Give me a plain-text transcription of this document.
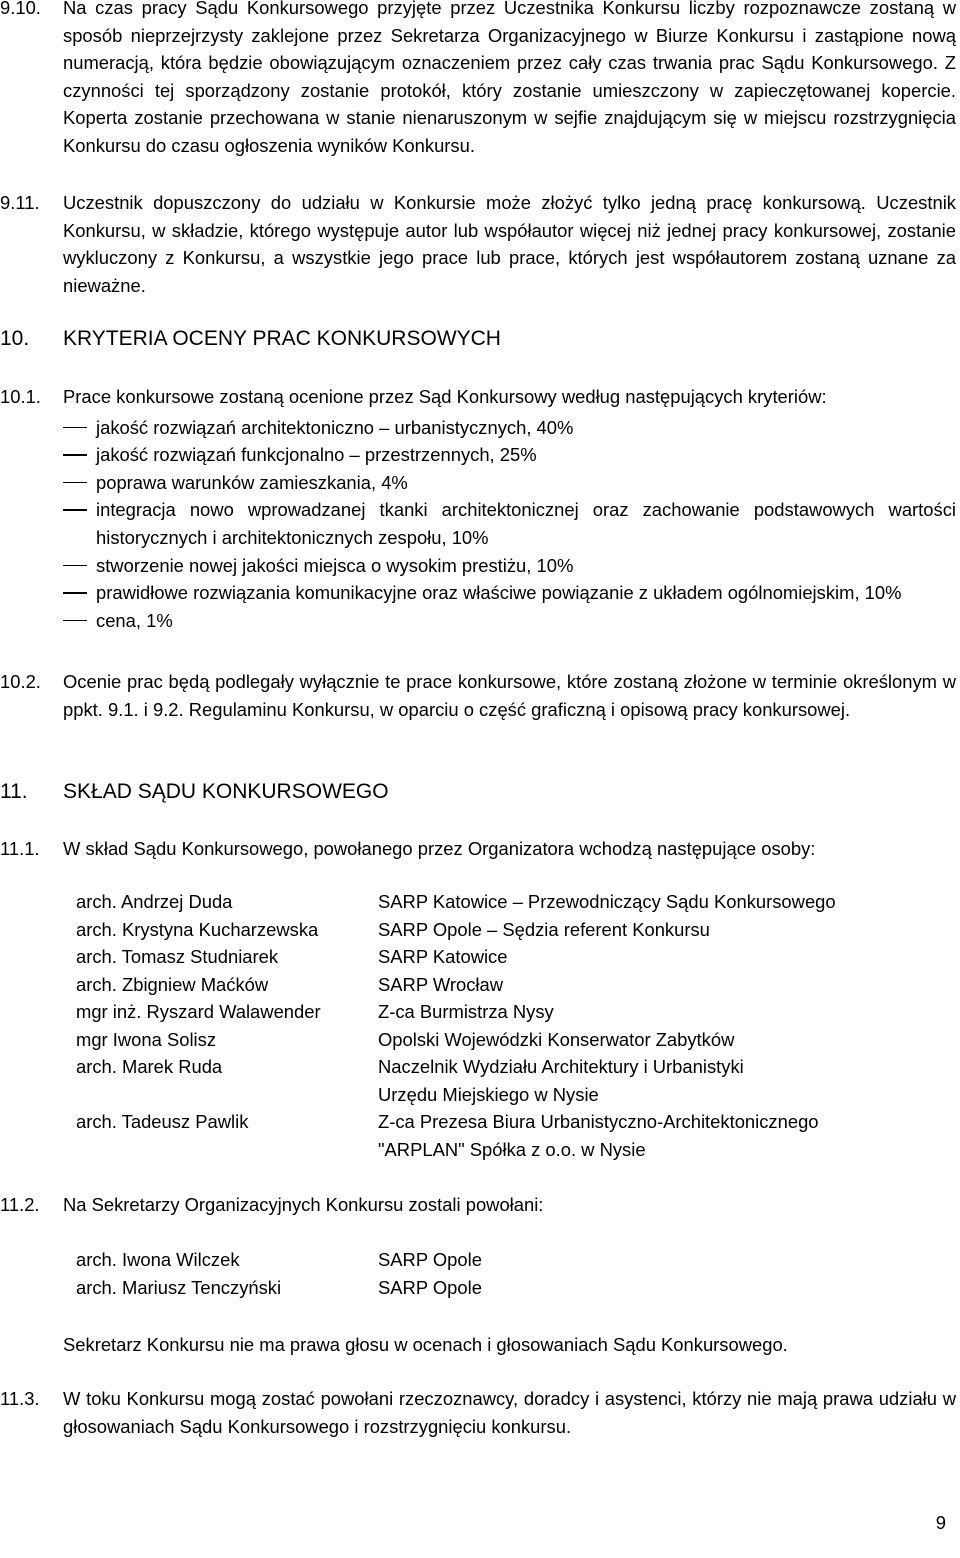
9.10.	Na czas pracy Sądu Konkursowego przyjęte przez Uczestnika Konkursu liczby rozpoznawcze zostaną w sposób nieprzejrzysty zaklejone przez Sekretarza Organizacyjnego w Biurze Konkursu i zastąpione nową numeracją, która będzie obowiązującym oznaczeniem przez cały czas trwania prac Sądu Konkursowego. Z czynności tej sporządzony zostanie protokół, który zostanie umieszczony w zapieczętowanej kopercie. Koperta zostanie przechowana w stanie nienaruszonym w sejfie znajdującym się w miejscu rozstrzygnięcia Konkursu do czasu ogłoszenia wyników Konkursu.
9.11.	Uczestnik dopuszczony do udziału w Konkursie może złożyć tylko jedną pracę konkursową. Uczestnik Konkursu, w składzie, którego występuje autor lub współautor więcej niż jednej pracy konkursowej, zostanie wykluczony z Konkursu, a wszystkie jego prace lub prace, których jest współautorem zostaną uznane za nieważne.
10.	KRYTERIA OCENY PRAC KONKURSOWYCH
10.1.	Prace konkursowe zostaną ocenione przez Sąd Konkursowy według następujących kryteriów:
jakość rozwiązań architektoniczno – urbanistycznych, 40%
jakość rozwiązań funkcjonalno – przestrzennych, 25%
poprawa warunków zamieszkania, 4%
integracja nowo wprowadzanej tkanki architektonicznej oraz zachowanie podstawowych wartości historycznych i architektonicznych zespołu, 10%
stworzenie nowej jakości miejsca o wysokim prestiżu, 10%
prawidłowe rozwiązania komunikacyjne oraz właściwe powiązanie z układem ogólnomiejskim, 10%
cena, 1%
10.2.	Ocenie prac będą podlegały wyłącznie te prace konkursowe, które zostaną złożone w terminie określonym w ppkt. 9.1. i 9.2. Regulaminu Konkursu, w oparciu o część graficzną i opisową pracy konkursowej.
11.	SKŁAD SĄDU KONKURSOWEGO
11.1.	W skład Sądu Konkursowego, powołanego przez Organizatora wchodzą następujące osoby:
arch. Andrzej Duda	SARP Katowice – Przewodniczący Sądu Konkursowego
arch. Krystyna Kucharzewska	SARP Opole – Sędzia referent Konkursu
arch. Tomasz Studniarek	SARP Katowice
arch. Zbigniew Maćków	SARP Wrocław
mgr inż. Ryszard Walawender	Z-ca Burmistrza Nysy
mgr Iwona Solisz	Opolski Wojewódzki Konserwator Zabytków
arch. Marek Ruda	Naczelnik Wydziału Architektury i Urbanistyki
Urzędu Miejskiego w Nysie

arch. Tadeusz Pawlik	Z-ca Prezesa Biura Urbanistyczno-Architektonicznego
"ARPLAN" Spółka z o.o. w Nysie
11.2.	Na Sekretarzy Organizacyjnych Konkursu zostali powołani:
arch. Iwona Wilczek	SARP Opole
arch. Mariusz Tenczyński	SARP Opole
Sekretarz Konkursu nie ma prawa głosu w ocenach i głosowaniach Sądu Konkursowego.
11.3.	W toku Konkursu mogą zostać powołani rzeczoznawcy, doradcy i asystenci, którzy nie mają prawa udziału w głosowaniach Sądu Konkursowego i rozstrzygnięciu konkursu.
9
